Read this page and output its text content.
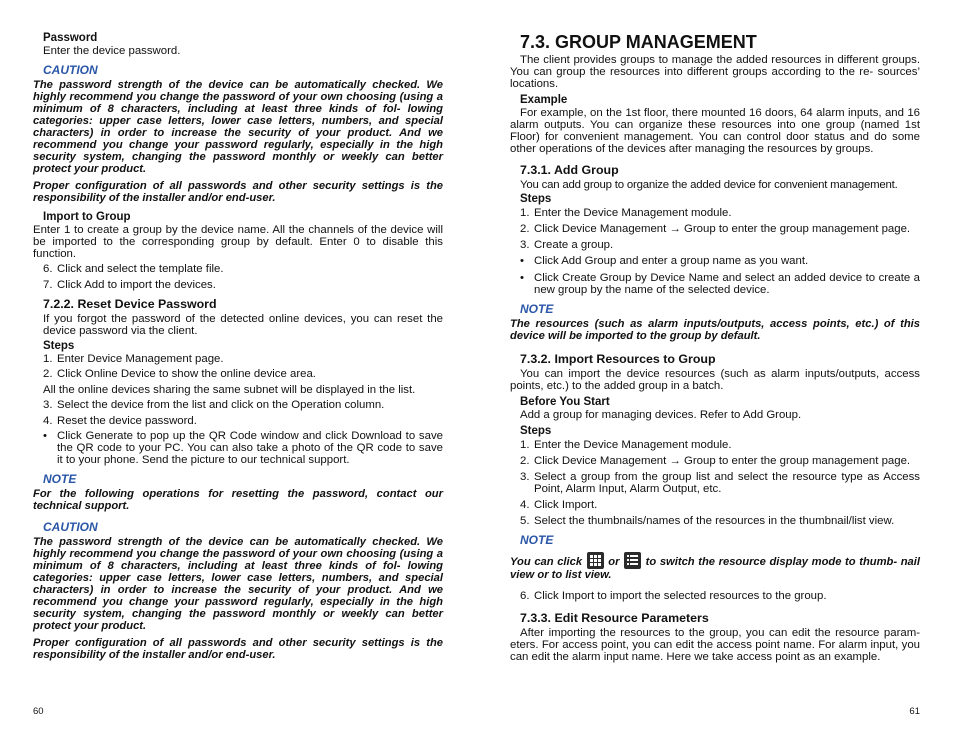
Password

Enter the device password.

CAUTION

The password strength of the device can be automatically checked. We highly recommend you change the password of your own choosing (using a minimum of 8 characters, including at least three kinds of fol- lowing categories: upper case letters, lower case letters, numbers, and special characters) in order to increase the security of your product. And we recommend you change your password regularly, especially in the high security system, changing the password monthly or weekly can better protect your product.

Proper configuration of all passwords and other security settings is the responsibility of the installer and/or end-user.

Import to Group

Enter 1 to create a group by the device name. All the channels of the device will be imported to the corresponding group by default. Enter 0 to disable this function.

6. Click and select the template file.
7. Click Add to import the devices.
7.2.2. Reset Device Password

If you forgot the password of the detected online devices, you can reset the device password via the client.

Steps
1. Enter Device Management page.
2. Click Online Device to show the online device area.

All the online devices sharing the same subnet will be displayed in the list.

3. Select the device from the list and click on the Operation column.
4. Reset the device password.
• Click Generate to pop up the QR Code window and click Download to save the QR code to your PC. You can also take a photo of the QR code to save it to your phone. Send the picture to our technical support.
NOTE

For the following operations for resetting the password, contact our technical support.

CAUTION

The password strength of the device can be automatically checked. We highly recommend you change the password of your own choosing (using a minimum of 8 characters, including at least three kinds of fol- lowing categories: upper case letters, lower case letters, numbers, and special characters) in order to increase the security of your product. And we recommend you change your password regularly, especially in the high security system, changing the password monthly or weekly can better protect your product.

Proper configuration of all passwords and other security settings is the responsibility of the installer and/or end-user.

60
7.3. GROUP MANAGEMENT

The client provides groups to manage the added resources in different groups. You can group the resources into different groups according to the re- sources’ locations.

Example

For example, on the 1st floor, there mounted 16 doors, 64 alarm inputs, and 16 alarm outputs. You can organize these resources into one group (named 1st Floor) for convenient management. You can control door status and do some other operations of the devices after managing the resources by groups.

7.3.1. Add Group

You can add group to organize the added device for convenient management.

Steps
1. Enter the Device Management module.
2. Click Device Management → Group to enter the group management page.
3. Create a group.
• Click Add Group and enter a group name as you want.
• Click Create Group by Device Name and select an added device to create a new group by the name of the selected device.
NOTE

The resources (such as alarm inputs/outputs, access points, etc.) of this device will be imported to the group by default.

7.3.2. Import Resources to Group

You can import the device resources (such as alarm inputs/outputs, access points, etc.) to the added group in a batch.

Before You Start

Add a group for managing devices. Refer to Add Group.

Steps
1. Enter the Device Management module.
2. Click Device Management → Group to enter the group management page.
3. Select a group from the group list and select the resource type as Access Point, Alarm Input, Alarm Output, etc.
4. Click Import.
5. Select the thumbnails/names of the resources in the thumbnail/list view.
NOTE

You can click  or  to switch the resource display mode to thumb- nail view or to list view.

6. Click Import to import the selected resources to the group.
7.3.3. Edit Resource Parameters

After importing the resources to the group, you can edit the resource param- eters. For access point, you can edit the access point name. For alarm input, you can edit the alarm input name. Here we take access point as an example.

61
